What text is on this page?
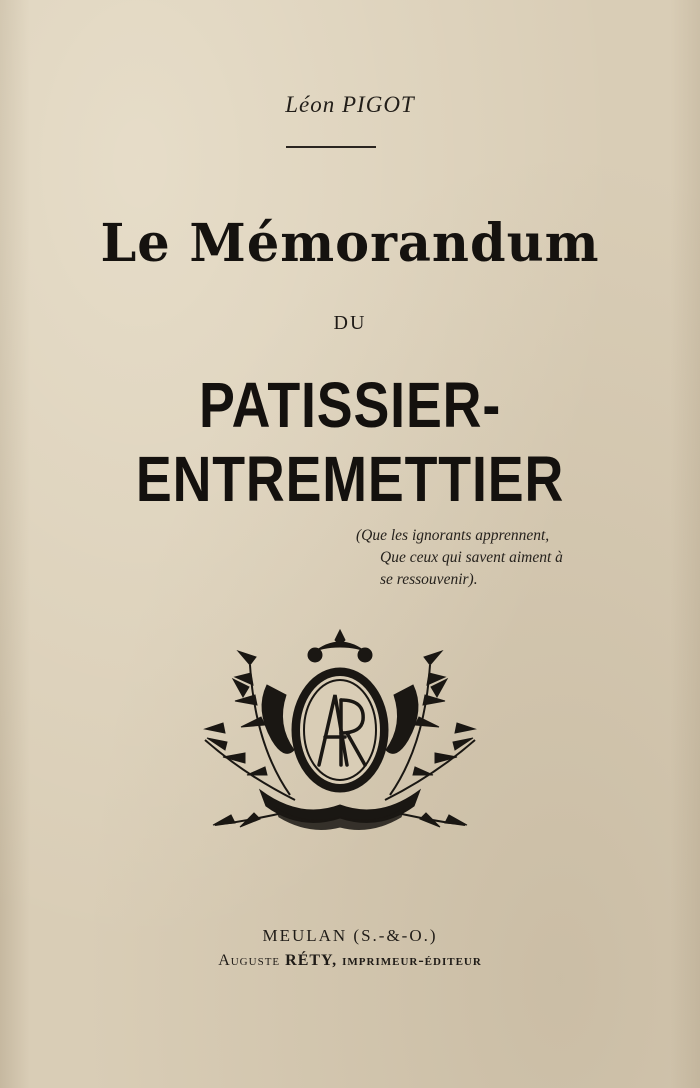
Léon PIGOT
Le Mémorandum
DU
PATISSIER-ENTREMETTIER
(Que les ignorants apprennent,
Que ceux qui savent aiment à
se ressouvenir).
MEULAN (S.-&-O.)
Auguste RÉTY, imprimeur-éditeur
